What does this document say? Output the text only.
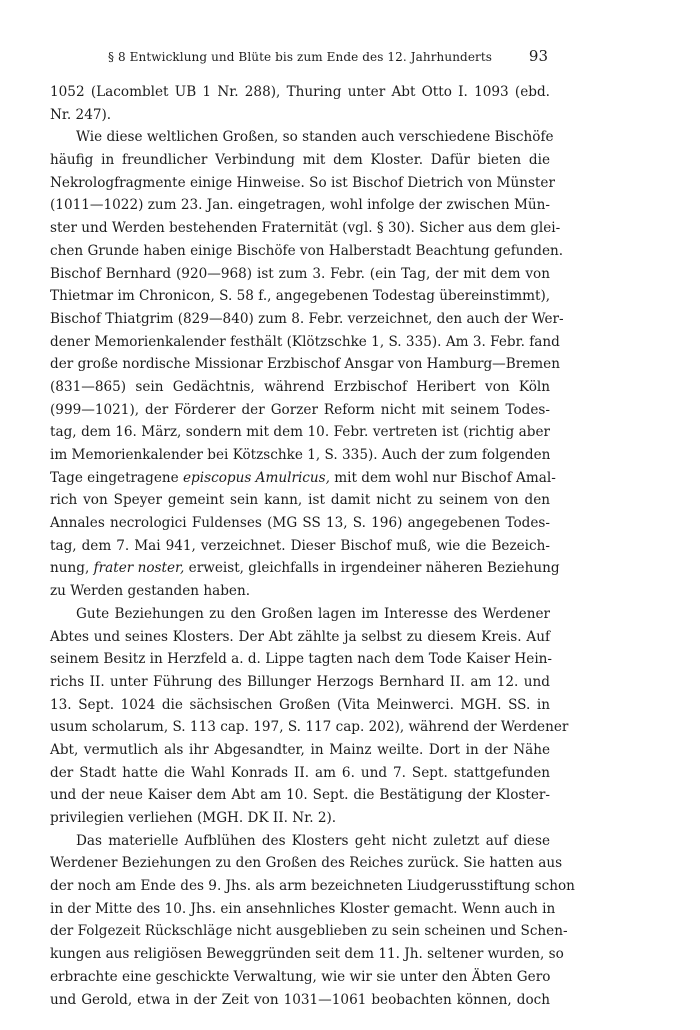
§ 8 Entwicklung und Blüte bis zum Ende des 12. Jahrhunderts 93
1052 (Lacomblet UB 1 Nr. 288), Thuring unter Abt Otto I. 1093 (ebd.
Nr. 247).
Wie diese weltlichen Großen, so standen auch verschiedene Bischöfe
häufig in freundlicher Verbindung mit dem Kloster. Dafür bieten die
Nekrologfragmente einige Hinweise. So ist Bischof Dietrich von Münster
(1011—1022) zum 23. Jan. eingetragen, wohl infolge der zwischen Mün-
ster und Werden bestehenden Fraternität (vgl. § 30). Sicher aus dem glei-
chen Grunde haben einige Bischöfe von Halberstadt Beachtung gefunden.
Bischof Bernhard (920—968) ist zum 3. Febr. (ein Tag, der mit dem von
Thietmar im Chronicon, S. 58 f., angegebenen Todestag übereinstimmt),
Bischof Thiatgrim (829—840) zum 8. Febr. verzeichnet, den auch der Wer-
dener Memorienkalender festhält (Klötzschke 1, S. 335). Am 3. Febr. fand
der große nordische Missionar Erzbischof Ansgar von Hamburg—Bremen
(831—865) sein Gedächtnis, während Erzbischof Heribert von Köln
(999—1021), der Förderer der Gorzer Reform nicht mit seinem Todes-
tag, dem 16. März, sondern mit dem 10. Febr. vertreten ist (richtig aber
im Memorienkalender bei Kötzschke 1, S. 335). Auch der zum folgenden
Tage eingetragene episcopus Amulricus, mit dem wohl nur Bischof Amal-
rich von Speyer gemeint sein kann, ist damit nicht zu seinem von den
Annales necrologici Fuldenses (MG SS 13, S. 196) angegebenen Todes-
tag, dem 7. Mai 941, verzeichnet. Dieser Bischof muß, wie die Bezeich-
nung, frater noster, erweist, gleichfalls in irgendeiner näheren Beziehung
zu Werden gestanden haben.
Gute Beziehungen zu den Großen lagen im Interesse des Werdener
Abtes und seines Klosters. Der Abt zählte ja selbst zu diesem Kreis. Auf
seinem Besitz in Herzfeld a. d. Lippe tagten nach dem Tode Kaiser Hein-
richs II. unter Führung des Billunger Herzogs Bernhard II. am 12. und
13. Sept. 1024 die sächsischen Großen (Vita Meinwerci. MGH. SS. in
usum scholarum, S. 113 cap. 197, S. 117 cap. 202), während der Werdener
Abt, vermutlich als ihr Abgesandter, in Mainz weilte. Dort in der Nähe
der Stadt hatte die Wahl Konrads II. am 6. und 7. Sept. stattgefunden
und der neue Kaiser dem Abt am 10. Sept. die Bestätigung der Kloster-
privilegien verliehen (MGH. DK II. Nr. 2).
Das materielle Aufblühen des Klosters geht nicht zuletzt auf diese
Werdener Beziehungen zu den Großen des Reiches zurück. Sie hatten aus
der noch am Ende des 9. Jhs. als arm bezeichneten Liudgerusstiftung schon
in der Mitte des 10. Jhs. ein ansehnliches Kloster gemacht. Wenn auch in
der Folgezeit Rückschläge nicht ausgeblieben zu sein scheinen und Schen-
kungen aus religiösen Beweggründen seit dem 11. Jh. seltener wurden, so
erbrachte eine geschickte Verwaltung, wie wir sie unter den Äbten Gero
und Gerold, etwa in der Zeit von 1031—1061 beobachten können, doch
